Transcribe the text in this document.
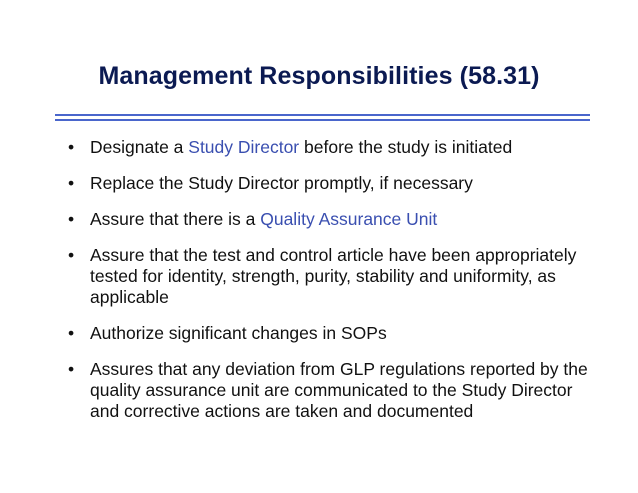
Management Responsibilities (58.31)
• Designate a Study Director before the study is initiated
• Replace the Study Director promptly, if necessary
• Assure that there is a Quality Assurance Unit
• Assure that the test and control article have been appropriately tested for identity, strength, purity, stability and uniformity, as applicable
• Authorize significant changes in SOPs
• Assures that any deviation from GLP regulations reported by the quality assurance unit are communicated to the Study Director and corrective actions are taken and documented
